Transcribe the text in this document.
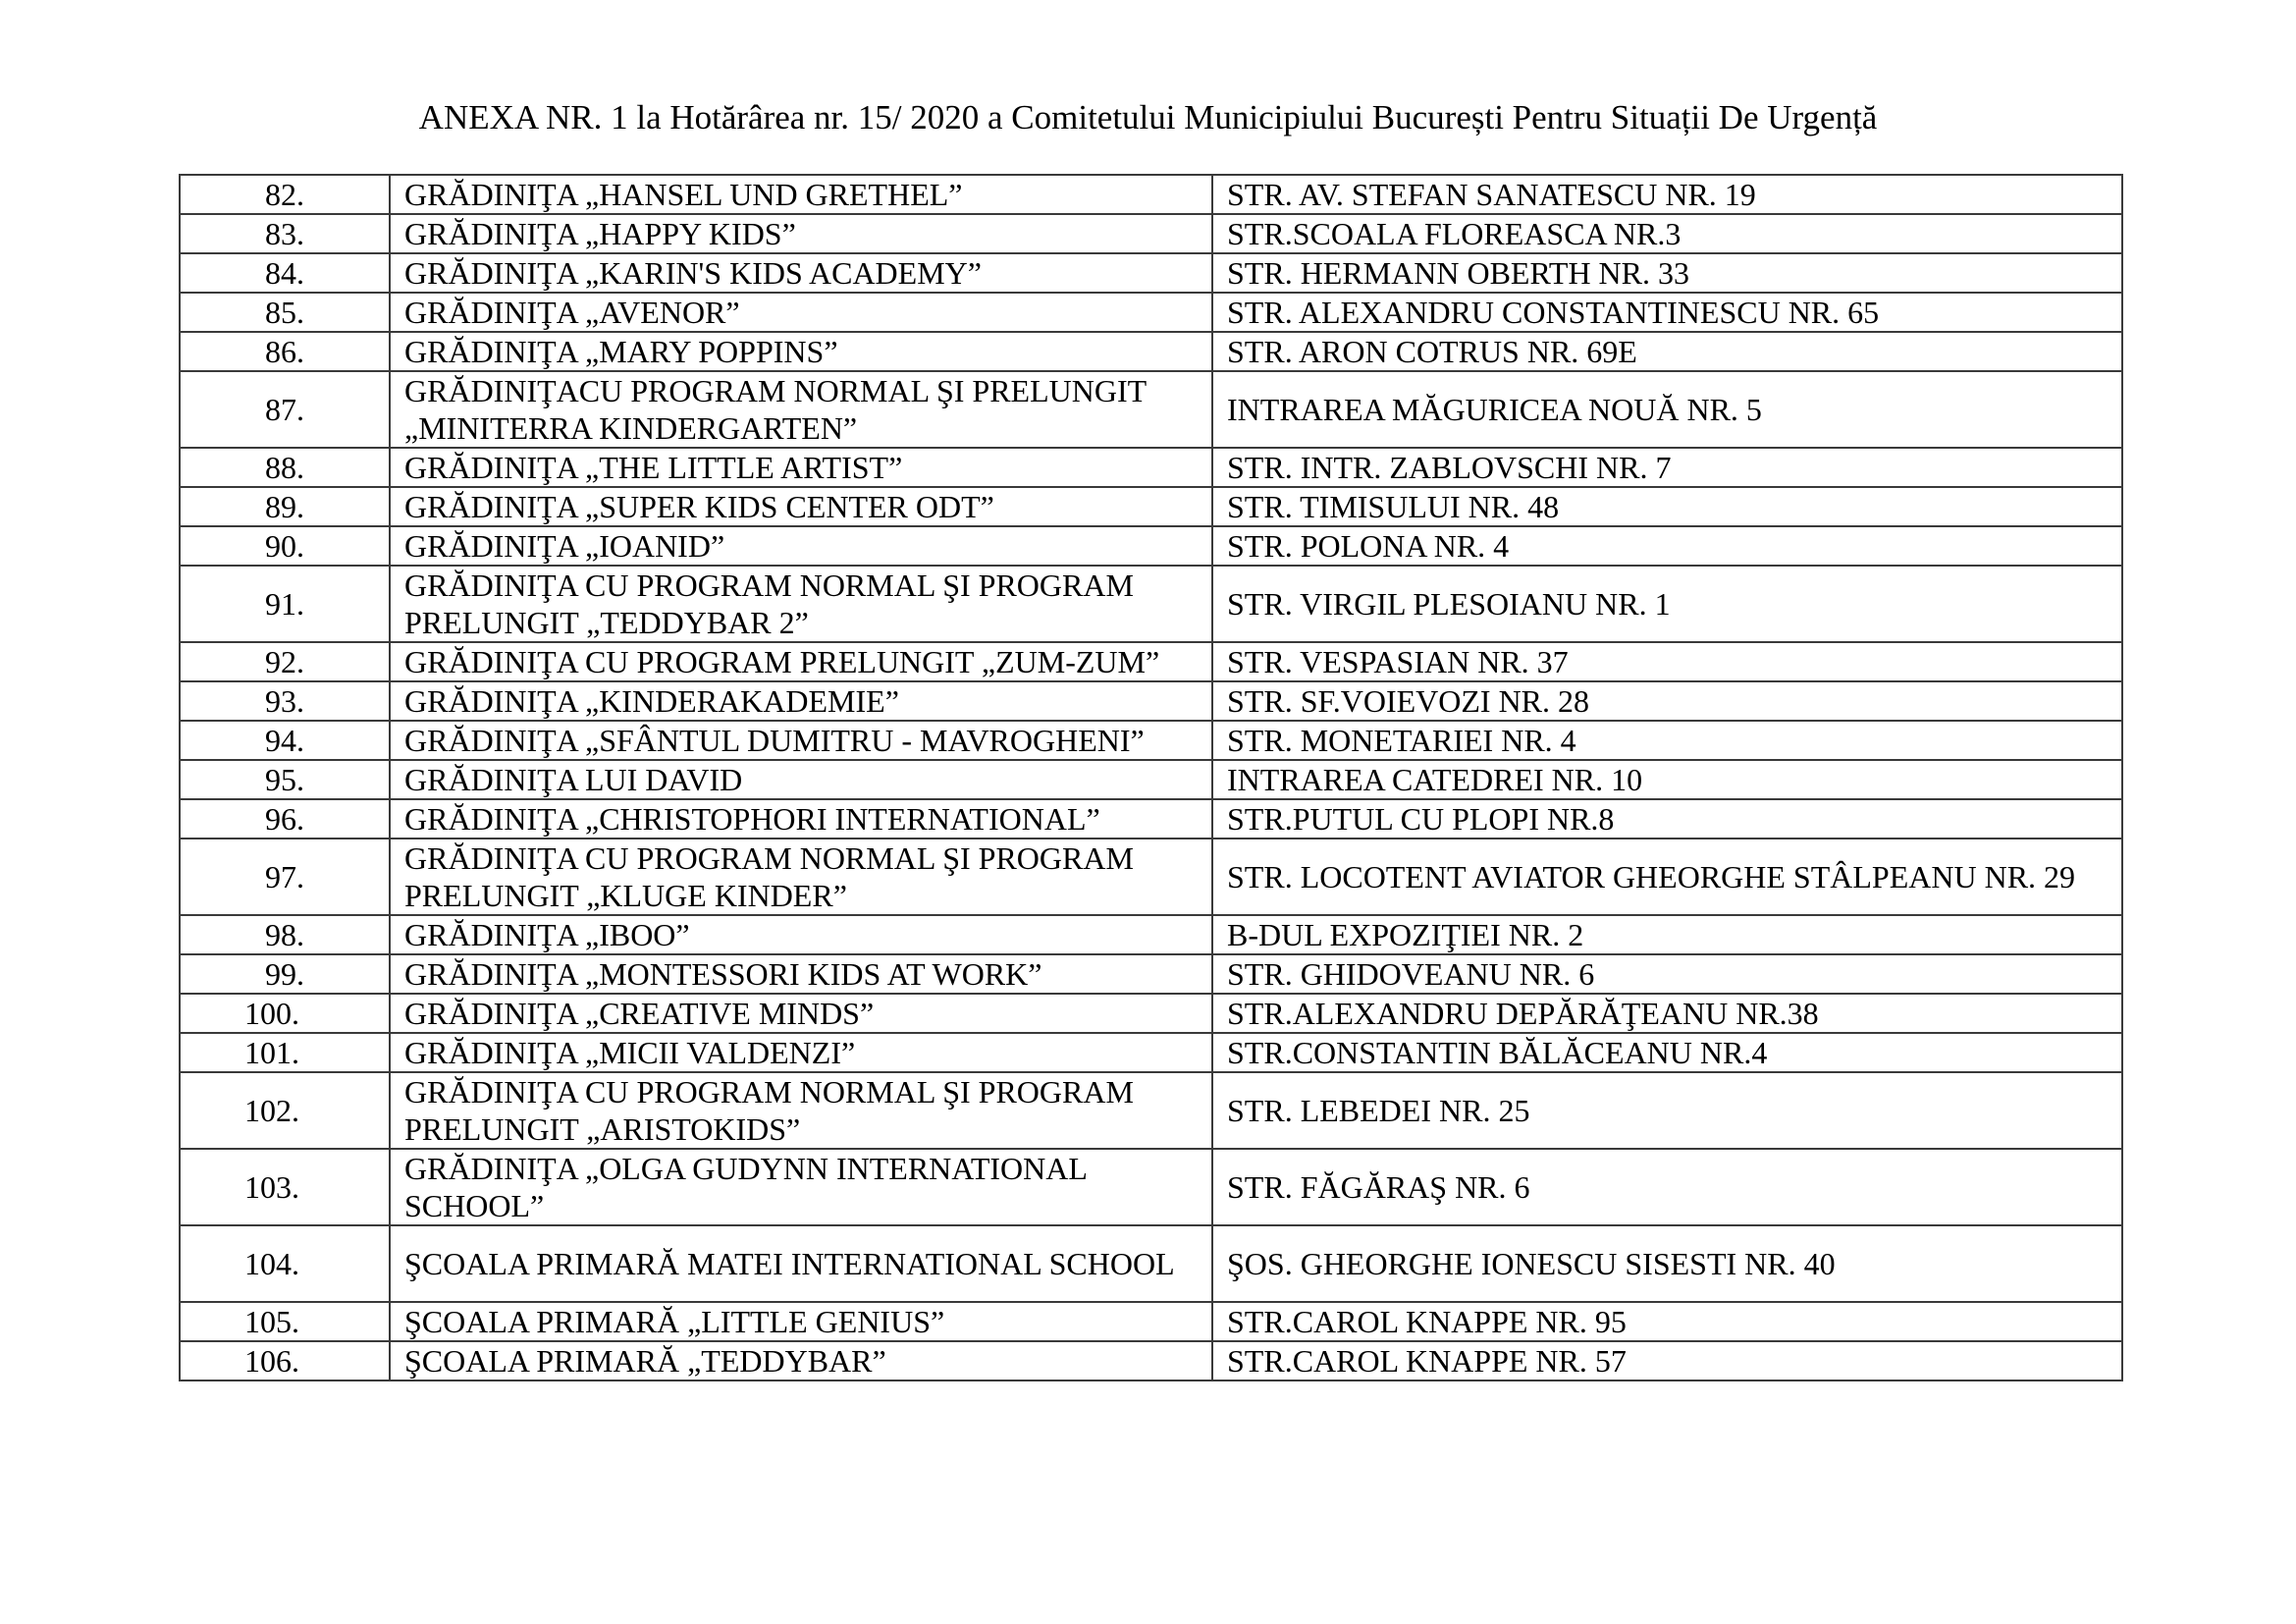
ANEXA NR. 1 la Hotărârea nr. 15/ 2020 a Comitetului Municipiului București Pentru Situații De Urgență
82.	GRĂDINIŢA „HANSEL UND GRETHEL”	STR. AV. STEFAN SANATESCU NR. 19
83.	GRĂDINIŢA „HAPPY KIDS”	STR.SCOALA FLOREASCA NR.3
84.	GRĂDINIŢA „KARIN'S KIDS ACADEMY”	STR. HERMANN OBERTH NR. 33
85.	GRĂDINIŢA „AVENOR”	STR. ALEXANDRU CONSTANTINESCU NR. 65
86.	GRĂDINIŢA „MARY POPPINS”	STR. ARON COTRUS NR. 69E
87.	GRĂDINIŢACU PROGRAM NORMAL ŞI PRELUNGIT „MINITERRA KINDERGARTEN”	INTRAREA MĂGURICEA NOUĂ NR. 5
88.	GRĂDINIŢA „THE LITTLE ARTIST”	STR. INTR. ZABLOVSCHI NR. 7
89.	GRĂDINIŢA „SUPER KIDS CENTER ODT”	STR. TIMISULUI NR. 48
90.	GRĂDINIŢA „IOANID”	STR. POLONA NR. 4
91.	GRĂDINIŢA CU PROGRAM NORMAL ŞI PROGRAM PRELUNGIT „TEDDYBAR 2”	STR. VIRGIL PLESOIANU NR. 1
92.	GRĂDINIŢA CU PROGRAM PRELUNGIT „ZUM-ZUM”	STR. VESPASIAN NR. 37
93.	GRĂDINIŢA „KINDERAKADEMIE”	STR. SF.VOIEVOZI NR. 28
94.	GRĂDINIŢA „SFÂNTUL DUMITRU - MAVROGHENI”	STR. MONETARIEI NR. 4
95.	GRĂDINIŢA LUI DAVID	INTRAREA CATEDREI NR. 10
96.	GRĂDINIŢA „CHRISTOPHORI INTERNATIONAL”	STR.PUTUL CU PLOPI NR.8
97.	GRĂDINIŢA CU PROGRAM NORMAL ŞI PROGRAM PRELUNGIT „KLUGE KINDER”	STR. LOCOTENT AVIATOR GHEORGHE STÂLPEANU NR. 29
98.	GRĂDINIŢA „IBOO”	B-DUL EXPOZIŢIEI NR. 2
99.	GRĂDINIŢA „MONTESSORI KIDS AT WORK”	STR. GHIDOVEANU NR. 6
100.	GRĂDINIŢA „CREATIVE MINDS”	STR.ALEXANDRU DEPĂRĂŢEANU NR.38
101.	GRĂDINIŢA „MICII VALDENZI”	STR.CONSTANTIN BĂLĂCEANU NR.4
102.	GRĂDINIŢA CU PROGRAM NORMAL ŞI PROGRAM PRELUNGIT „ARISTOKIDS”	STR. LEBEDEI NR. 25
103.	GRĂDINIŢA „OLGA GUDYNN INTERNATIONAL SCHOOL”	STR. FĂGĂRAŞ NR. 6
104.	ŞCOALA PRIMARĂ MATEI INTERNATIONAL SCHOOL	ŞOS. GHEORGHE IONESCU SISESTI NR. 40
105.	ŞCOALA PRIMARĂ „LITTLE GENIUS”	STR.CAROL KNAPPE NR. 95
106.	ŞCOALA PRIMARĂ „TEDDYBAR”	STR.CAROL KNAPPE NR. 57
